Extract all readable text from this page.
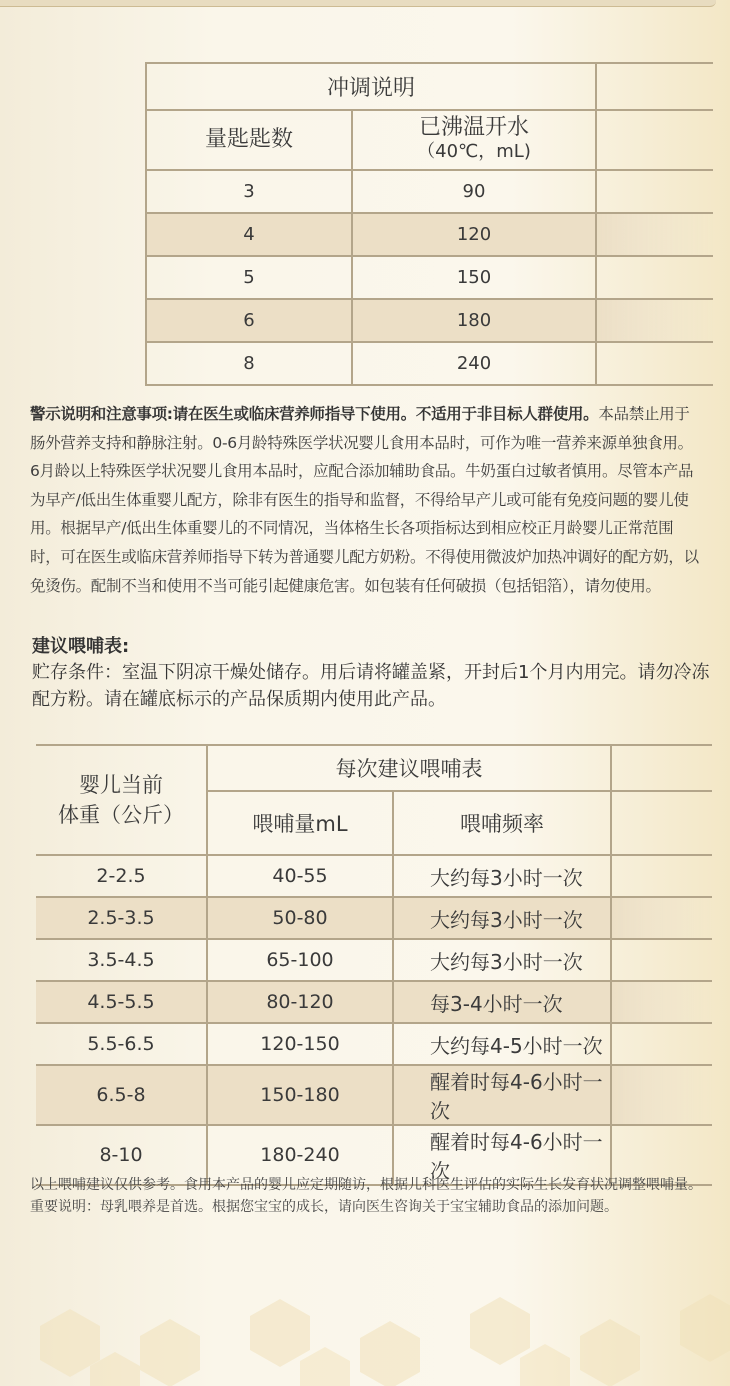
冲调说明		
量匙匙数	已沸温开水
（40℃，mL)	

3	90	
4	120	
5	150	
6	180	
8	240	
警示说明和注意事项:请在医生或临床营养师指导下使用。不适用于非目标人群使用。本品禁止用于肠外营养支持和静脉注射。0-6月龄特殊医学状况婴儿食用本品时，可作为唯一营养来源单独食用。6月龄以上特殊医学状况婴儿食用本品时，应配合添加辅助食品。牛奶蛋白过敏者慎用。尽管本产品为早产/低出生体重婴儿配方，除非有医生的指导和监督，不得给早产儿或可能有免疫问题的婴儿使用。根据早产/低出生体重婴儿的不同情况，当体格生长各项指标达到相应校正月龄婴儿正常范围时，可在医生或临床营养师指导下转为普通婴儿配方奶粉。不得使用微波炉加热冲调好的配方奶，以免烫伤。配制不当和使用不当可能引起健康危害。如包装有任何破损（包括铝箔），请勿使用。
建议喂哺表:
贮存条件：室温下阴凉干燥处储存。用后请将罐盖紧，开封后1个月内用完。请勿冷冻配方粉。请在罐底标示的产品保质期内使用此产品。
婴儿当前
体重（公斤）	每次建议喂哺表		
	喂哺量mL	喂哺频率	
2-2.5	40-55	大约每3小时一次	
2.5-3.5	50-80	大约每3小时一次	
3.5-4.5	65-100	大约每3小时一次	
4.5-5.5	80-120	每3-4小时一次	
5.5-6.5	120-150	大约每4-5小时一次	
6.5-8	150-180	醒着时每4-6小时一次	
8-10	180-240	醒着时每4-6小时一次	
以上喂哺建议仅供参考。食用本产品的婴儿应定期随访，根据儿科医生评估的实际生长发育状况调整喂哺量。
重要说明：母乳喂养是首选。根据您宝宝的成长，请向医生咨询关于宝宝辅助食品的添加问题。
